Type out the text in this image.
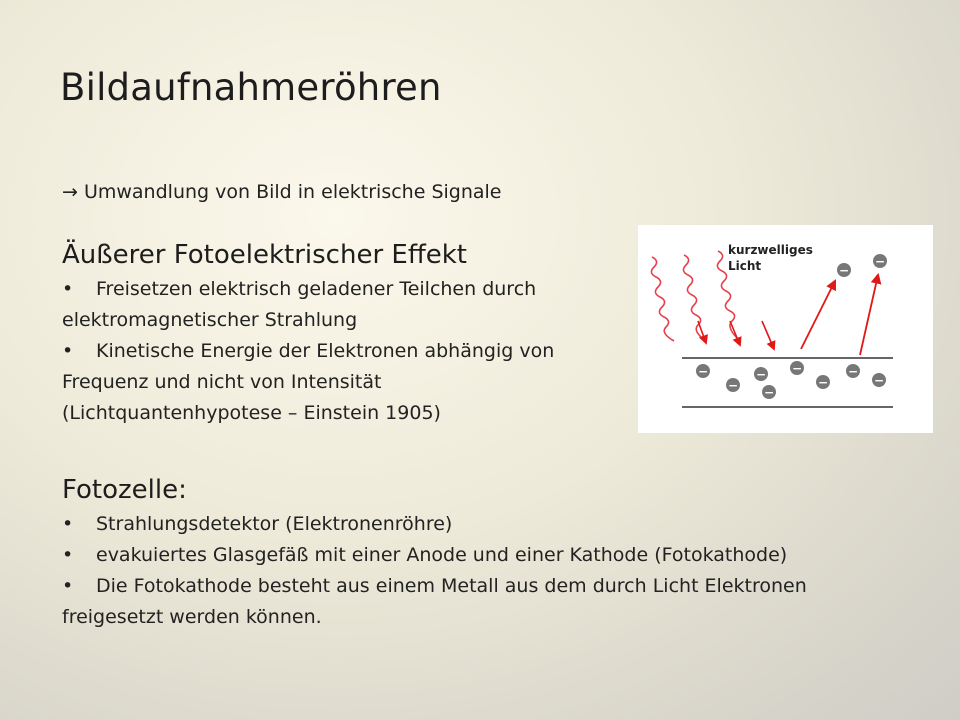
Bildaufnahmeröhren
→ Umwandlung von Bild in elektrische Signale
Äußerer Fotoelektrischer Effekt
• Freisetzen elektrisch geladener Teilchen durch
elektromagnetischer Strahlung
• Kinetische Energie der Elektronen abhängig von
Frequenz und nicht von Intensität
(Lichtquantenhypotese – Einstein 1905)
Fotozelle:
• Strahlungsdetektor (Elektronenröhre)
• evakuiertes Glasgefäß mit einer Anode und einer Kathode (Fotokathode)
• Die Fotokathode besteht aus einem Metall aus dem durch Licht Elektronen
freigesetzt werden können.
kurzwelliges
Licht	−
−
−
−
−
−
−
−
−
−
